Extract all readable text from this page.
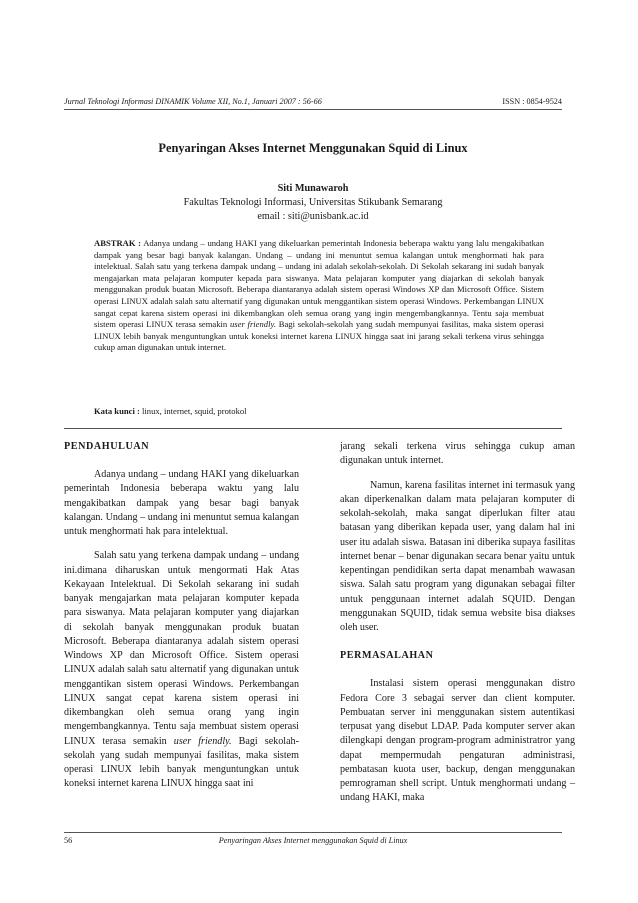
Jurnal Teknologi Informasi DINAMIK Volume XII, No.1, Januari 2007 : 56-66	ISSN : 0854-9524
Penyaringan Akses Internet Menggunakan Squid di Linux
Siti Munawaroh
Fakultas Teknologi Informasi, Universitas Stikubank Semarang
email : siti@unisbank.ac.id

ABSTRAK : Adanya undang – undang HAKI yang dikeluarkan pemerintah Indonesia beberapa waktu yang lalu mengakibatkan dampak yang besar bagi banyak kalangan. Undang – undang ini menuntut semua kalangan untuk menghormati hak para intelektual. Salah satu yang terkena dampak undang – undang ini adalah sekolah-sekolah. Di Sekolah sekarang ini sudah banyak mengajarkan mata pelajaran komputer kepada para siswanya. Mata pelajaran komputer yang diajarkan di sekolah banyak menggunakan produk buatan Microsoft. Beberapa diantaranya adalah sistem operasi Windows XP dan Microsoft Office. Sistem operasi LINUX adalah salah satu alternatif yang digunakan untuk menggantikan sistem operasi Windows. Perkembangan LINUX sangat cepat karena sistem operasi ini dikembangkan oleh semua orang yang ingin mengembangkannya. Tentu saja membuat sistem operasi LINUX terasa semakin user friendly. Bagi sekolah-sekolah yang sudah mempunyai fasilitas, maka sistem operasi LINUX lebih banyak menguntungkan untuk koneksi internet karena LINUX hingga saat ini jarang sekali terkena virus sehingga cukup aman digunakan untuk internet.

Kata kunci : linux, internet, squid, protokol

PENDAHULUAN

Adanya undang – undang HAKI yang dikeluarkan pemerintah Indonesia beberapa waktu yang lalu mengakibatkan dampak yang besar bagi banyak kalangan. Undang – undang ini menuntut semua kalangan untuk menghormati hak para intelektual.

Salah satu yang terkena dampak undang – undang ini.dimana diharuskan untuk mengormati Hak Atas Kekayaan Intelektual. Di Sekolah sekarang ini sudah banyak mengajarkan mata pelajaran komputer kepada para siswanya. Mata pelajaran komputer yang diajarkan di sekolah banyak menggunakan produk buatan Microsoft. Beberapa diantaranya adalah sistem operasi Windows XP dan Microsoft Office. Sistem operasi LINUX adalah salah satu alternatif yang digunakan untuk menggantikan sistem operasi Windows. Perkembangan LINUX sangat cepat karena sistem operasi ini dikembangkan oleh semua orang yang ingin mengembangkannya. Tentu saja membuat sistem operasi LINUX terasa semakin user friendly. Bagi sekolah-sekolah yang sudah mempunyai fasilitas, maka sistem operasi LINUX lebih banyak menguntungkan untuk koneksi internet karena LINUX hingga saat ini

jarang sekali terkena virus sehingga cukup aman digunakan untuk internet.

Namun, karena fasilitas internet ini termasuk yang akan diperkenalkan dalam mata pelajaran komputer di sekolah-sekolah, maka sangat diperlukan filter atau batasan yang diberikan kepada user, yang dalam hal ini user itu adalah siswa. Batasan ini diberika supaya fasilitas internet benar – benar digunakan secara benar yaitu untuk kepentingan pendidikan serta dapat menambah wawasan siswa. Salah satu program yang digunakan sebagai filter untuk penggunaan internet adalah SQUID. Dengan menggunakan SQUID, tidak semua website bisa diakses oleh user.

PERMASALAHAN

Instalasi sistem operasi menggunakan distro Fedora Core 3 sebagai server dan client komputer. Pembuatan server ini menggunakan sistem autentikasi terpusat yang disebut LDAP. Pada komputer server akan dilengkapi dengan program-program administratror yang dapat mempermudah pengaturan administrasi, pembatasan kuota user, backup, dengan menggunakan pemrograman shell script. Untuk menghormati undang – undang HAKI, maka

56	Penyaringan Akses Internet menggunakan Squid di Linux
